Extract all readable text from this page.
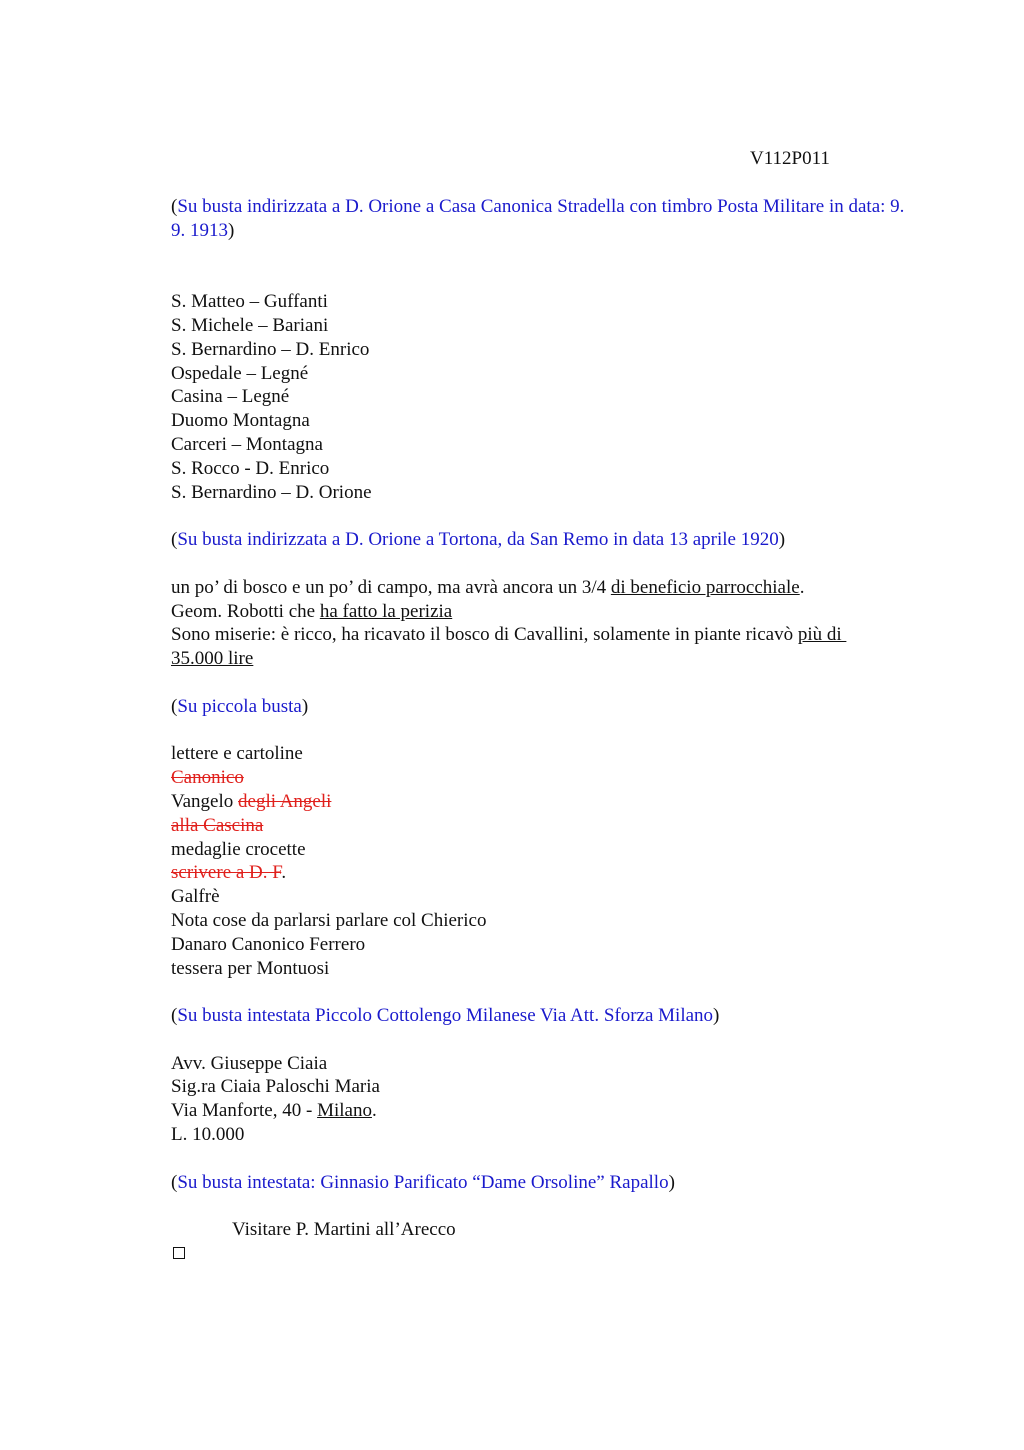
V112P011

(Su busta indirizzata a D. Orione a Casa Canonica Stradella con timbro Posta Militare in data: 9. 9. 1913)

S. Matteo – Guffanti

S. Michele – Bariani

S. Bernardino – D. Enrico

Ospedale – Legné

Casina – Legné

Duomo Montagna

Carceri – Montagna

S. Rocco - D. Enrico

S. Bernardino – D. Orione

(Su busta indirizzata a D. Orione a Tortona, da San Remo in data 13 aprile 1920)

un po’ di bosco e un po’ di campo, ma avrà ancora un 3/4 di beneficio parrocchiale.

Geom. Robotti che ha fatto la perizia

Sono miserie: è ricco, ha ricavato il bosco di Cavallini, solamente in piante ricavò più di

35.000 lire

(Su piccola busta)

lettere e cartoline

Canonico

Vangelo degli Angeli

alla Cascina

medaglie crocette

scrivere a D. F.

Galfrè

Nota cose da parlarsi parlare col Chierico

Danaro Canonico Ferrero

tessera per Montuosi

(Su busta intestata Piccolo Cottolengo Milanese Via Att. Sforza Milano)

Avv. Giuseppe Ciaia

Sig.ra Ciaia Paloschi Maria

Via Manforte, 40 - Milano.

L. 10.000

(Su busta intestata: Ginnasio Parificato “Dame Orsoline” Rapallo)

Visitare P. Martini all’Arecco
